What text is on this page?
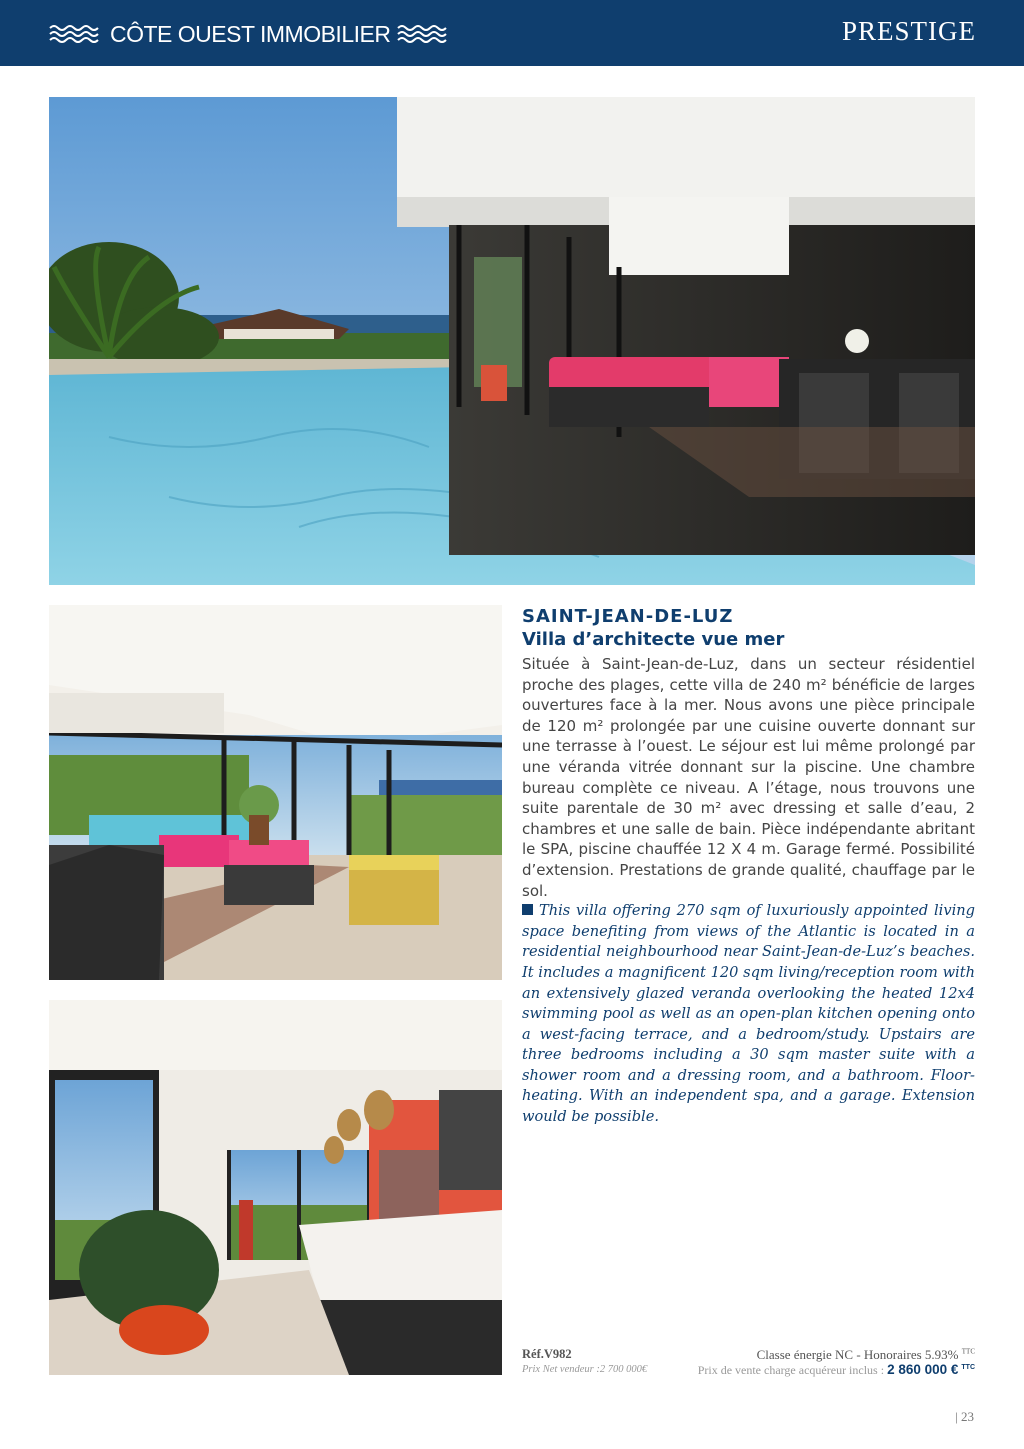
CÔTE OUEST IMMOBILIER	PRESTIGE
SAINT-JEAN-DE-LUZ
Villa d’architecte vue mer

Située à Saint-Jean-de-Luz, dans un secteur résidentiel proche des plages, cette villa de 240 m² bénéficie de larges ouvertures face à la mer. Nous avons une pièce principale de 120 m² prolongée par une cuisine ouverte donnant sur une terrasse à l’ouest. Le séjour est lui même prolongé par une véranda vitrée donnant sur la piscine. Une chambre bureau complète ce niveau. A l’étage, nous trouvons une suite parentale de 30 m² avec dressing et salle d’eau, 2 chambres et une salle de bain. Pièce indépendante abritant le SPA, piscine chauffée 12 X 4 m. Garage fermé. Possibilité d’extension. Prestations de grande qualité, chauffage par le sol.

This villa offering 270 sqm of luxuriously appointed living space benefiting from views of the Atlantic is located in a residential neighbourhood near Saint-Jean-de-Luz’s beaches. It includes a magnificent 120 sqm living/reception room with an extensively glazed veranda overlooking the heated 12x4 swimming pool as well as an open-plan kitchen opening onto a west-facing terrace, and a bedroom/study. Upstairs are three bedrooms including a 30 sqm master suite with a shower room and a dressing room, and a bathroom. Floor-heating. With an independent spa, and a garage. Extension would be possible.

Réf.V982
Prix Net vendeur :2 700 000€
Classe énergie NC - Honoraires 5.93% $^{TTC}$
Prix de vente charge acquéreur inclus : 2 860 000 € $^{TTC}$
| 23
